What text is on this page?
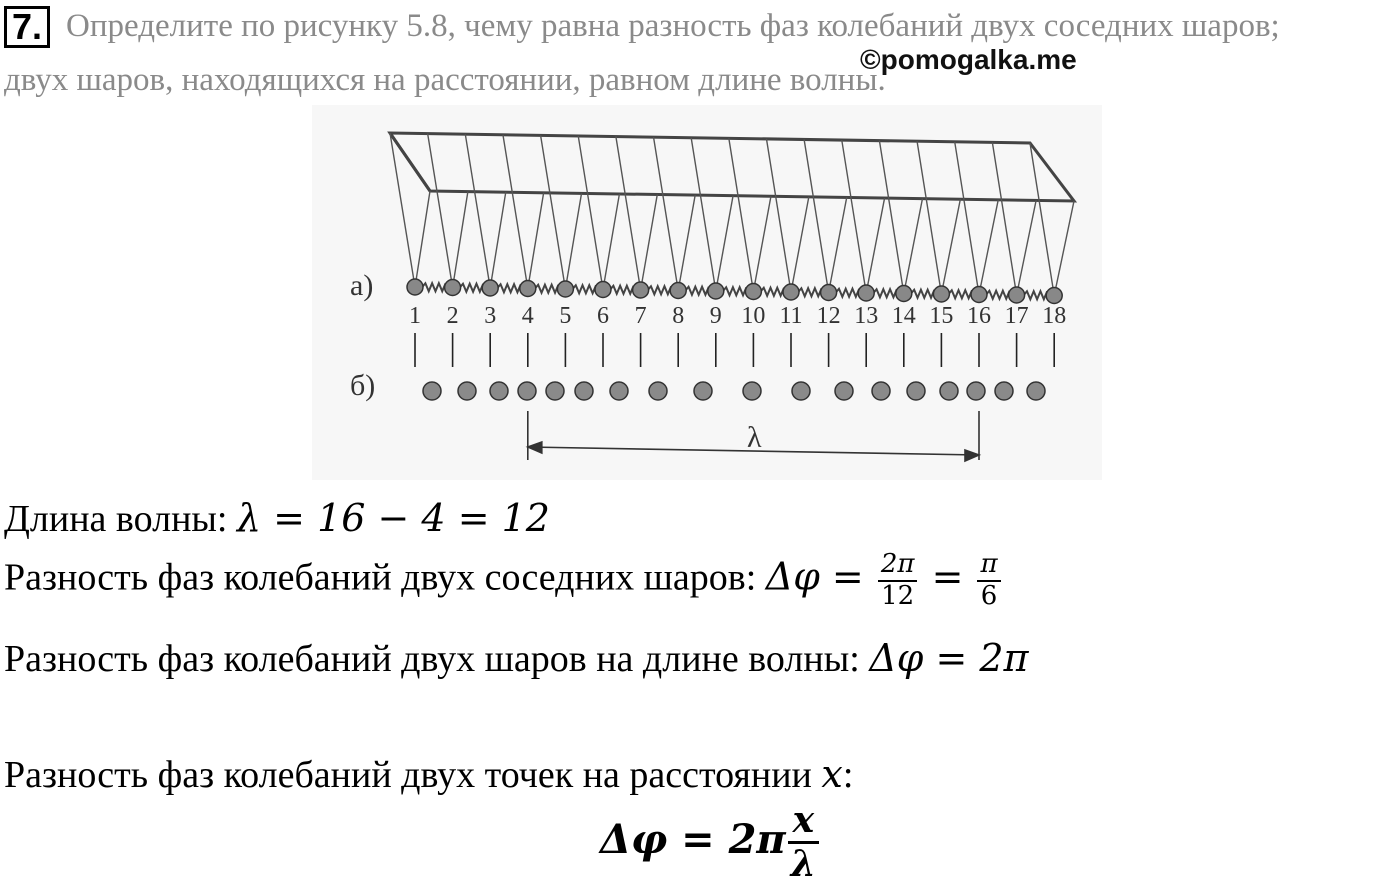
7. Определите по рисунку 5.8, чему равна разность фаз колебаний двух соседних шаров;
двух шаров, находящихся на расстоянии, равном длине волны.
©pomogalka.me
1 2 3 4 5 6 7 8 9 10 11 12 13 14 15 16 17 18
а)
б)
λ
Длина волны: λ = 16 − 4 = 12
Разность фаз колебаний двух соседних шаров: $\Delta\varphi = \frac{2\pi}{12} = \frac{\pi}{6}$
Разность фаз колебаний двух шаров на длине волны: Δφ = 2π
Разность фаз колебаний двух точек на расстоянии x:
$\Delta\varphi = 2\pi \frac{x}{\lambda}$
